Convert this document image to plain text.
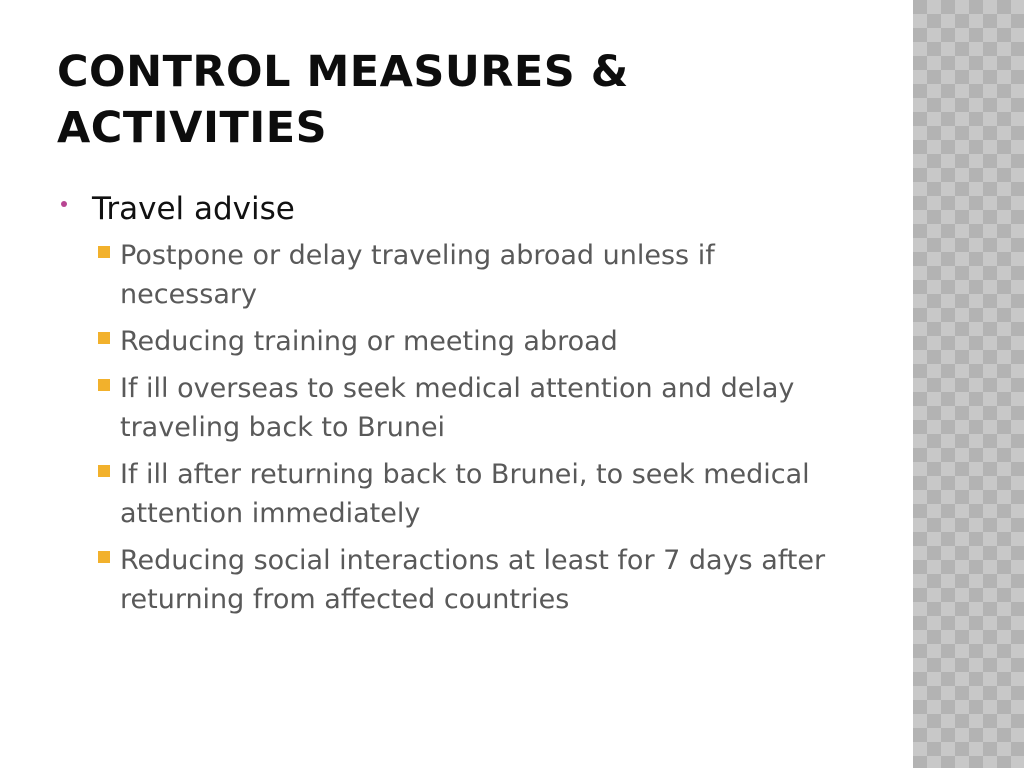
CONTROL MEASURES & ACTIVITIES
Travel advise
Postpone or delay traveling abroad unless if necessary
Reducing training or meeting abroad
If ill overseas to seek medical attention and delay traveling back to Brunei
If ill after returning back to Brunei, to seek medical attention immediately
Reducing social interactions at least for 7 days after returning from affected countries
